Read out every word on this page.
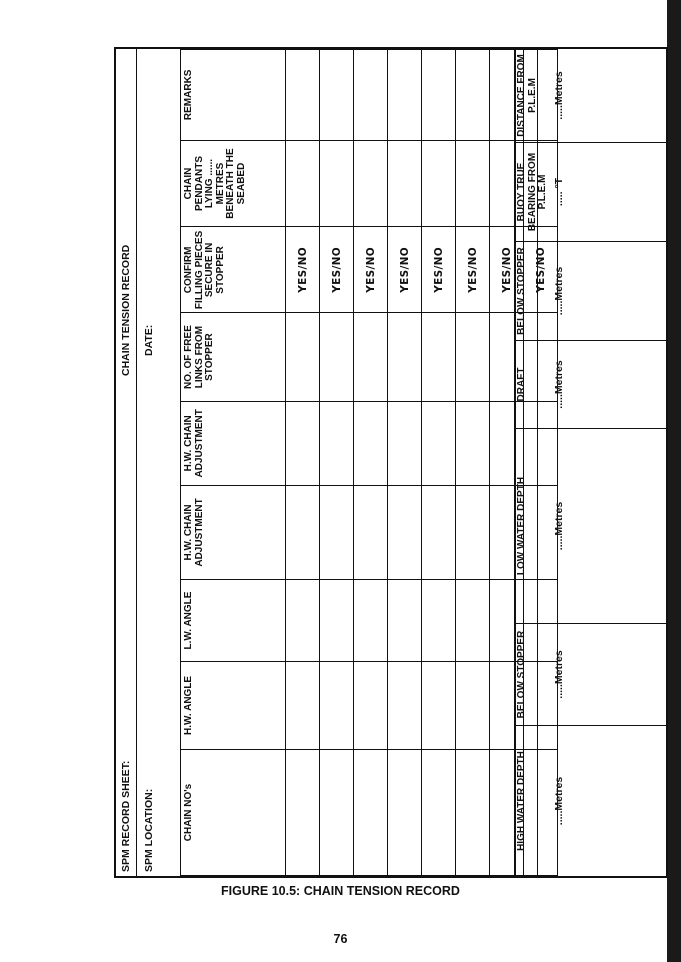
SPM RECORD SHEET:
CHAIN TENSION RECORD
SPM LOCATION:
DATE:
CHAIN NO's	H.W. ANGLE	L.W. ANGLE	H.W. CHAIN ADJUSTMENT	H.W. CHAIN ADJUSTMENT	NO. OF FREE LINKS FROM STOPPER	CONFIRM FILLING PIECES SECURE IN STOPPER	CHAIN PENDANTS LYING ...... METRES BENEATH THE SEABED	REMARKS
						YES/NO		
						YES/NO		
						YES/NO		
						YES/NO		
						YES/NO		
						YES/NO		
						YES/NO		
						YES/NO		
HIGH WATER DEPTH	.....Metres
BELOW STOPPER	.....Metres
LOW WATER DEPTH	.....Metres
DRAFT	.....Metres
BELOW STOPPER	.....Metres
BUOY TRUE BEARING FROM P.L.E.M ..... °T
DISTANCE FROM P.L.E.M	.....Metres
FIGURE 10.5: CHAIN TENSION RECORD
76
